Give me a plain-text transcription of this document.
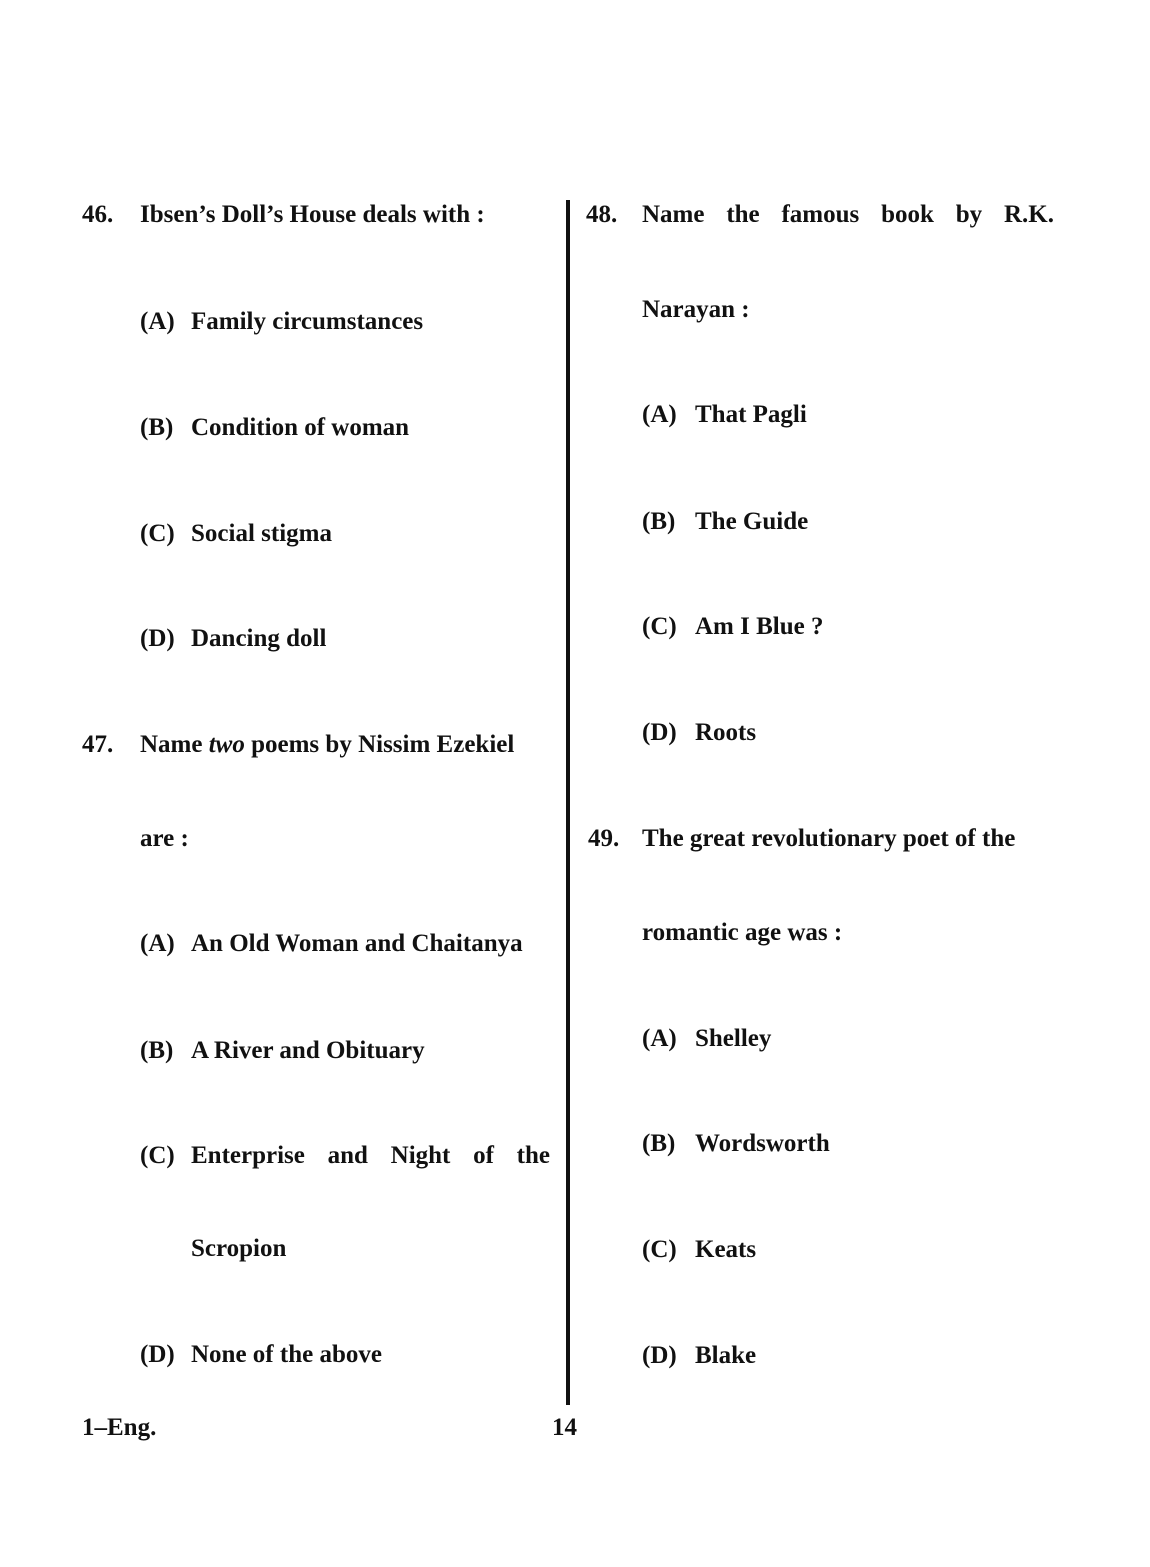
46. Ibsen’s Doll’s House deals with :
(A) Family circumstances
(B) Condition of woman
(C) Social stigma
(D) Dancing doll
47. Name two poems by Nissim Ezekiel
are :
(A) An Old Woman and Chaitanya
(B) A River and Obituary
(C) Enterprise and Night of the
Scropion
(D) None of the above
48. Name the famous book by R.K.
Narayan :
(A) That Pagli
(B) The Guide
(C) Am I Blue ?
(D) Roots
49. The great revolutionary poet of the
romantic age was :
(A) Shelley
(B) Wordsworth
(C) Keats
(D) Blake
1–Eng.	14
